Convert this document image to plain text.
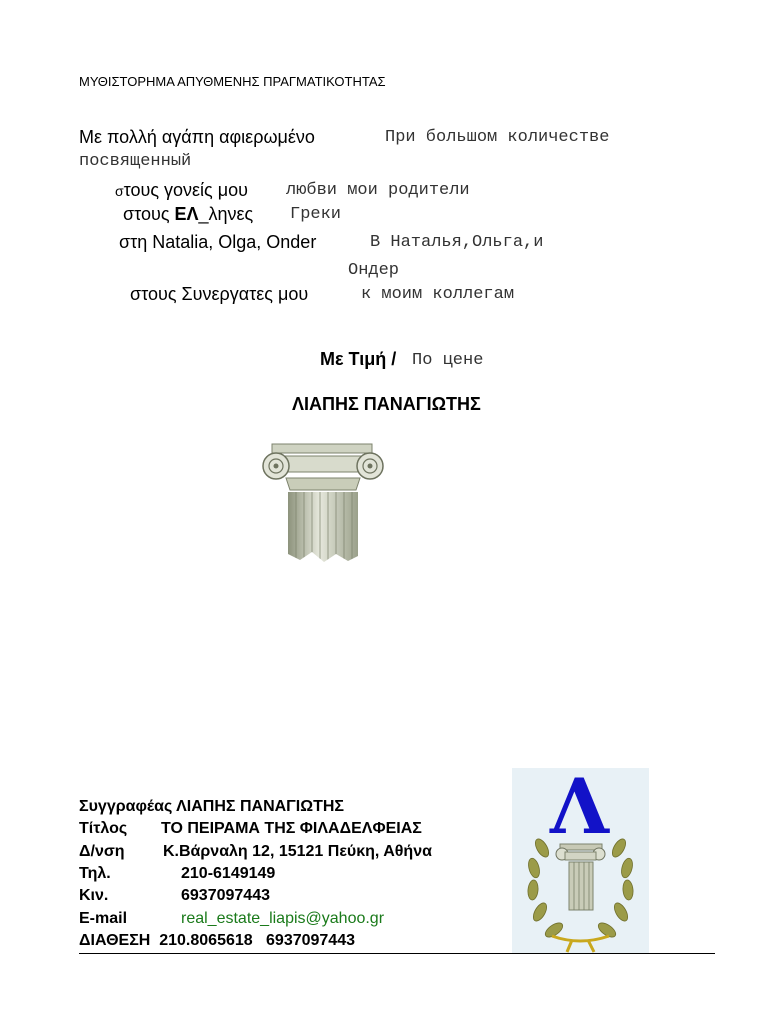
ΜΥΘΙΣΤΟΡΗΜΑ ΑΠΥΘΜΕΝΗΣ ΠΡΑΓΜΑΤΙΚΟΤΗΤΑΣ
Με πολλή αγάπη αφιερωμένο	При большом количестве
посвященный
στους γονείς μου любви мои родители
στους ΕΛ_ληνες Греки
στη Natalia, Olga, Onder	В Наталья,Ольга,и
Ондер
στους Συνεργατες μου	к моим коллегам
Με Τιμή / По цене
ΛΙΑΠΗΣ ΠΑΝΑΓΙΩΤΗΣ
Συγγραφέας ΛΙΑΠΗΣ ΠΑΝΑΓΙΩΤΗΣ
Τίτλος ΤΟ ΠΕΙΡΑΜΑ ΤΗΣ ΦΙΛΑΔΕΛΦΕΙΑΣ
Δ/νση Κ.Βάρναλη 12, 15121 Πεύκη, Αθήνα
Τηλ.	210-6149149
Κιν.	6937097443
E-mail	real_estate_liapis@yahoo.gr
ΔΙΑΘΕΣΗ 210.8065618 6937097443
Λ
